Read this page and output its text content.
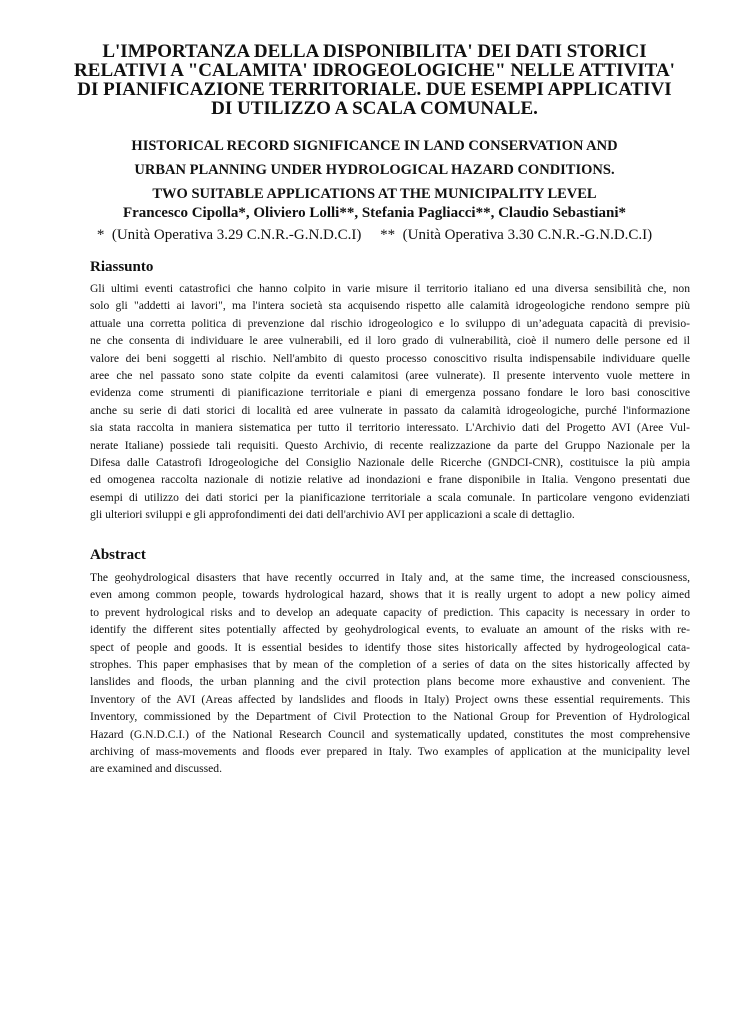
L'IMPORTANZA DELLA DISPONIBILITA' DEI DATI STORICI
RELATIVI A "CALAMITA' IDROGEOLOGICHE" NELLE ATTIVITA'
DI PIANIFICAZIONE TERRITORIALE. DUE ESEMPI APPLICATIVI
DI UTILIZZO A SCALA COMUNALE.
HISTORICAL RECORD SIGNIFICANCE IN LAND CONSERVATION AND
URBAN PLANNING UNDER HYDROLOGICAL HAZARD CONDITIONS.
TWO SUITABLE APPLICATIONS AT THE MUNICIPALITY LEVEL
Francesco Cipolla*, Oliviero Lolli**, Stefania Pagliacci**, Claudio Sebastiani*
*  (Unità Operativa 3.29 C.N.R.-G.N.D.C.I)     **  (Unità Operativa 3.30 C.N.R.-G.N.D.C.I)
Riassunto
Gli ultimi eventi catastrofici che hanno colpito in varie misure il territorio italiano ed una diversa sensibilità che, non
solo gli "addetti ai lavori", ma l'intera società sta acquisendo rispetto alle calamità idrogeologiche rendono sempre più
attuale una corretta politica di prevenzione dal rischio idrogeologico e lo sviluppo di un’adeguata capacità di previsio-
ne che consenta di individuare le aree vulnerabili, ed il loro grado di vulnerabilità, cioè il numero delle persone ed il
valore dei beni soggetti al rischio. Nell'ambito di questo processo conoscitivo risulta indispensabile individuare quelle
aree che nel passato sono state colpite da eventi calamitosi (aree vulnerate). Il presente intervento vuole mettere in
evidenza come strumenti di pianificazione territoriale e piani di emergenza possano fondare le loro basi conoscitive
anche su serie di dati storici di località ed aree vulnerate in passato da calamità idrogeologiche, purché l'informazione
sia stata raccolta in maniera sistematica per tutto il territorio interessato. L'Archivio dati del Progetto AVI (Aree Vul-
nerate Italiane) possiede tali requisiti. Questo Archivio, di recente realizzazione da parte del Gruppo Nazionale per la
Difesa dalle Catastrofi Idrogeologiche del Consiglio Nazionale delle Ricerche (GNDCI-CNR), costituisce la più ampia
ed omogenea raccolta nazionale di notizie relative ad inondazioni e frane disponibile in Italia. Vengono presentati due
esempi di utilizzo dei dati storici per la pianificazione territoriale a scala comunale. In particolare vengono evidenziati
gli ulteriori sviluppi e gli approfondimenti dei dati dell'archivio AVI per applicazioni a scale di dettaglio.
Abstract
The geohydrological disasters that have recently occurred in Italy and, at the same time, the increased consciousness,
even among common people, towards hydrological hazard, shows that it is really urgent to adopt a new policy aimed
to prevent hydrological risks and to develop an adequate capacity of prediction. This capacity is necessary in order to
identify the different sites potentially affected by geohydrological events, to evaluate an amount of the risks with re-
spect of people and goods. It is essential besides to identify those sites historically affected by hydrogeological cata-
strophes. This paper emphasises that by mean of the completion of a series of data on the sites historically affected by
lanslides and floods, the urban planning and the civil protection plans become more exhaustive and convenient. The
Inventory of the AVI (Areas affected by landslides and floods in Italy) Project owns these essential requirements. This
Inventory, commissioned by the Department of Civil Protection to the National Group for Prevention of Hydrological
Hazard (G.N.D.C.I.) of the National Research Council and systematically updated, constitutes the most comprehensive
archiving of mass-movements and floods ever prepared in Italy. Two examples of application at the municipality level
are examined and discussed.
